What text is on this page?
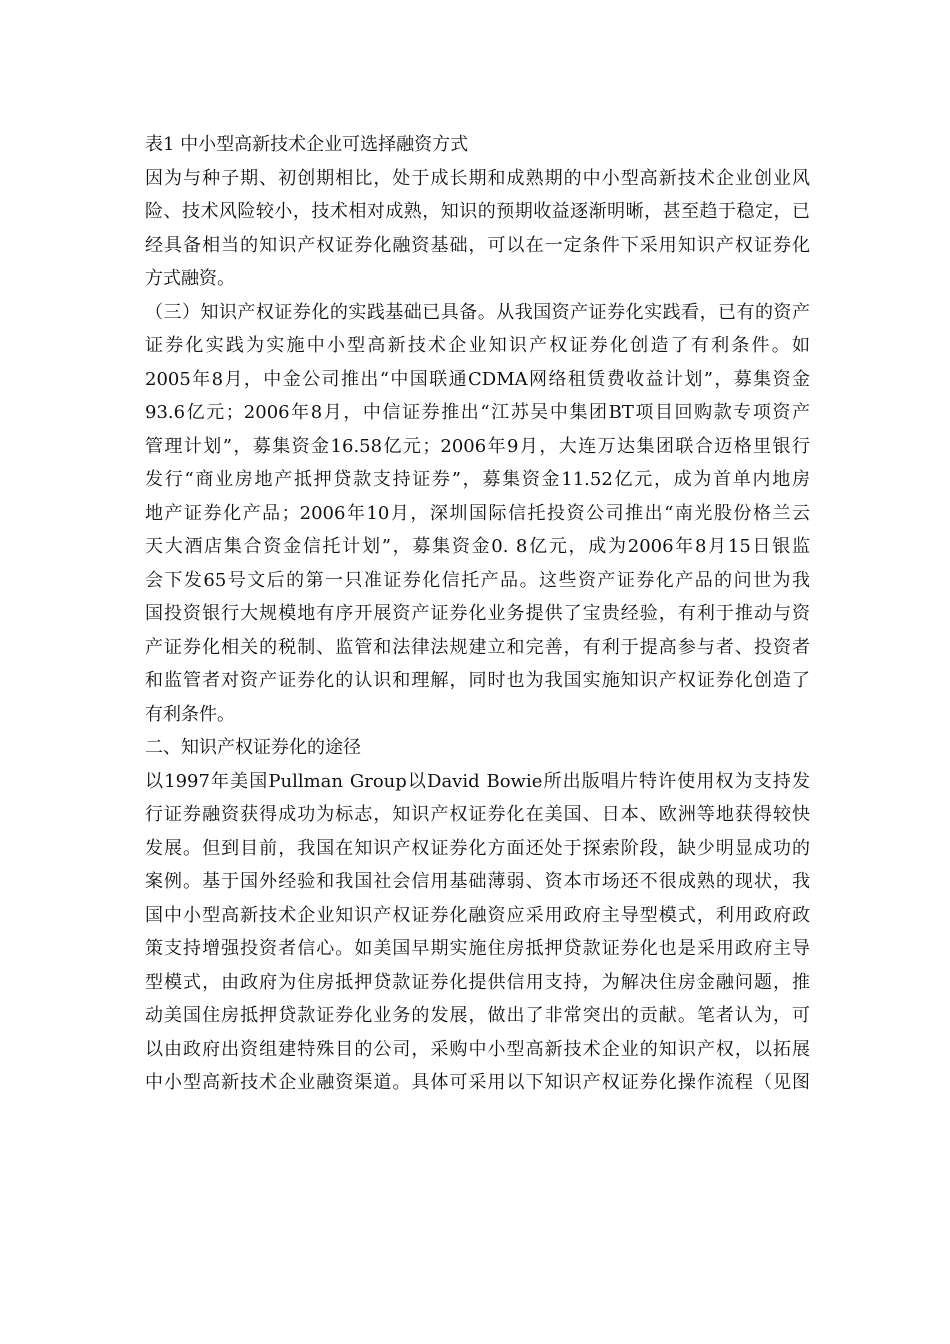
表1 中小型高新技术企业可选择融资方式
因为与种子期、初创期相比，处于成长期和成熟期的中小型高新技术企业创业风
险、技术风险较小，技术相对成熟，知识的预期收益逐渐明晰，甚至趋于稳定，已
经具备相当的知识产权证券化融资基础，可以在一定条件下采用知识产权证券化
方式融资。
（三）知识产权证券化的实践基础已具备。从我国资产证券化实践看，已有的资产
证券化实践为实施中小型高新技术企业知识产权证券化创造了有利条件。如
2005年8月，中金公司推出“中国联通CDMA网络租赁费收益计划”，募集资金
93.6亿元；2006年8月，中信证券推出“江苏吴中集团BT项目回购款专项资产
管理计划”，募集资金16.58亿元；2006年9月，大连万达集团联合迈格里银行
发行“商业房地产抵押贷款支持证券”，募集资金11.52亿元，成为首单内地房
地产证券化产品；2006年10月，深圳国际信托投资公司推出“南光股份格兰云
天大酒店集合资金信托计划”，募集资金0. 8亿元，成为2006年8月15日银监
会下发65号文后的第一只准证券化信托产品。这些资产证券化产品的问世为我
国投资银行大规模地有序开展资产证券化业务提供了宝贵经验，有利于推动与资
产证券化相关的税制、监管和法律法规建立和完善，有利于提高参与者、投资者
和监管者对资产证券化的认识和理解，同时也为我国实施知识产权证券化创造了
有利条件。
二、知识产权证券化的途径
以1997年美国Pullman Group以David Bowie所出版唱片特许使用权为支持发
行证券融资获得成功为标志，知识产权证券化在美国、日本、欧洲等地获得较快
发展。但到目前，我国在知识产权证券化方面还处于探索阶段，缺少明显成功的
案例。基于国外经验和我国社会信用基础薄弱、资本市场还不很成熟的现状，我
国中小型高新技术企业知识产权证券化融资应采用政府主导型模式，利用政府政
策支持增强投资者信心。如美国早期实施住房抵押贷款证券化也是采用政府主导
型模式，由政府为住房抵押贷款证券化提供信用支持，为解决住房金融问题，推
动美国住房抵押贷款证券化业务的发展，做出了非常突出的贡献。笔者认为，可
以由政府出资组建特殊目的公司，采购中小型高新技术企业的知识产权，以拓展
中小型高新技术企业融资渠道。具体可采用以下知识产权证券化操作流程（见图
